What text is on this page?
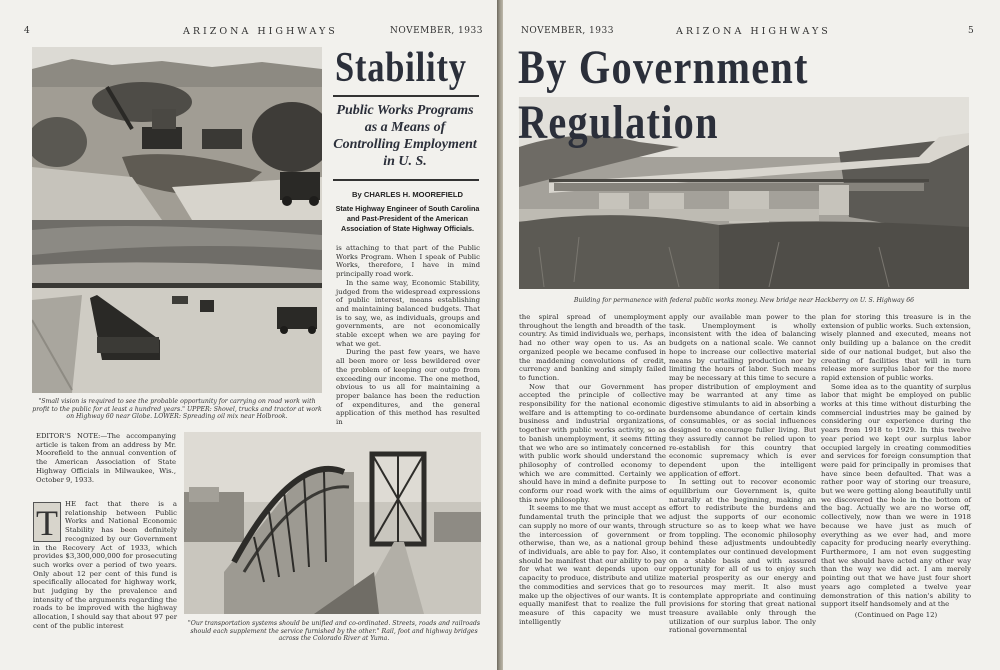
4	ARIZONA HIGHWAYS	NOVEMBER, 1933
"Small vision is required to see the probable opportunity for carrying on road work with profit to the public for at least a hundred years." UPPER: Shovel, trucks and tractor at work on Highway 60 near Globe. LOWER: Spreading oil mix near Holbrook.
Stability
Public Works Programs as a Means of Controlling Employment in U. S.
By CHARLES H. MOOREFIELD
State Highway Engineer of South Carolina and Past-President of the American Association of State Highway Officials.

is attaching to that part of the Public Works Program. When I speak of Public Works, therefore, I have in mind principally road work.

In the same way, Economic Stability, judged from the widespread expressions of public interest, means establishing and maintaining balanced budgets. That is to say, we, as individuals, groups and governments, are not economically stable except when we are paying for what we get.

During the past few years, we have all been more or less bewildered over the problem of keeping our outgo from exceeding our income. The one method, obvious to us all for maintaining a proper balance has been the reduction of expenditures, and the general application of this method has resulted in

EDITOR'S NOTE:—The accompanying article is taken from an address by Mr. Moorefield to the annual convention of the American Association of State Highway Officials in Milwaukee, Wis., October 9, 1933.

T	HE fact that there is a relationship between Public Works and National Economic Stability has been definitely recognized by our Government in the Recovery Act of 1933, which provides $3,300,000,000 for prosecuting such works over a period of two years. Only about 12 per cent of this fund is specifically allocated for highway work, but judging by the prevalence and intensity of the arguments regarding the roads to be improved with the highway allocation, I should say that about 97 per cent of the public interest	"Our transportation systems should be unified and co-ordinated. Streets, roads and railroads should each supplement the service furnished by the other." Rail, foot and highway bridges across the Colorado River at Yuma.
NOVEMBER, 1933	ARIZONA HIGHWAYS	5
Building for permanence with federal public works money. New bridge near Hackberry on U. S. Highway 66
By Government Regulation

the spiral spread of unemployment throughout the length and breadth of the country. As timid individuals we, perhaps, had no other way open to us. As an organized people we became confused in the maddening convolutions of credit, currency and banking and simply failed to function.

Now that our Government has accepted the principle of collective responsibility for the national economic welfare and is attempting to co-ordinate business and industrial organizations, together with public works activity, so as to banish unemployment, it seems fitting that we who are so intimately concerned with public work should understand the philosophy of controlled economy to which we are committed. Certainly we should have in mind a definite purpose to conform our road work with the aims of this new philosophy.

It seems to me that we must accept as fundamental truth the principle that we can supply no more of our wants, through the intercession of government or otherwise, than we, as a national group of individuals, are able to pay for. Also, it should be manifest that our ability to pay for what we want depends upon our capacity to produce, distribute and utilize the commodities and services that go to make up the objectives of our wants. It is equally manifest that to realize the full measure of this capacity we must intelligently

apply our available man power to the task. Unemployment is wholly inconsistent with the idea of balancing budgets on a national scale. We cannot hope to increase our collective material means by curtailing production nor by limiting the hours of labor. Such means may be necessary at this time to secure a proper distribution of employment and may be warranted at any time as digestive stimulants to aid in absorbing a burdensome abundance of certain kinds of consumables, or as social influences designed to encourage fuller living. But they assuredly cannot be relied upon to re-establish for this country that economic supremacy which is ever dependent upon the intelligent application of effort.

In setting out to recover economic equilibrium our Government is, quite naturally at the beginning, making an effort to redistribute the burdens and adjust the supports of our economic structure so as to keep what we have from toppling. The economic philosophy behind these adjustments undoubtedly contemplates our continued development on a stable basis and with assured opportunity for all of us to enjoy such material prosperity as our energy and resources may merit. It also must contemplate appropriate and continuing provisions for storing that great national treasure available only through the utilization of our surplus labor. The only rational governmental

plan for storing this treasure is in the extension of public works. Such extension, wisely planned and executed, means not only building up a balance on the credit side of our national budget, but also the creating of facilities that will in turn release more surplus labor for the more rapid extension of public works.

Some idea as to the quantity of surplus labor that might be employed on public works at this time without disturbing the commercial industries may be gained by considering our experience during the years from 1918 to 1929. In this twelve year period we kept our surplus labor occupied largely in creating commodities and services for foreign consumption that were paid for principally in promises that have since been defaulted. That was a rather poor way of storing our treasure, but we were getting along beautifully until we discovered the hole in the bottom of the bag. Actually we are no worse off, collectively, now than we were in 1918 because we have just as much of everything as we ever had, and more capacity for producing nearly everything. Furthermore, I am not even suggesting that we should have acted any other way than the way we did act. I am merely pointing out that we have just four short years ago completed a twelve year demonstration of this nation's ability to support itself handsomely and at the

(Continued on Page 12)
